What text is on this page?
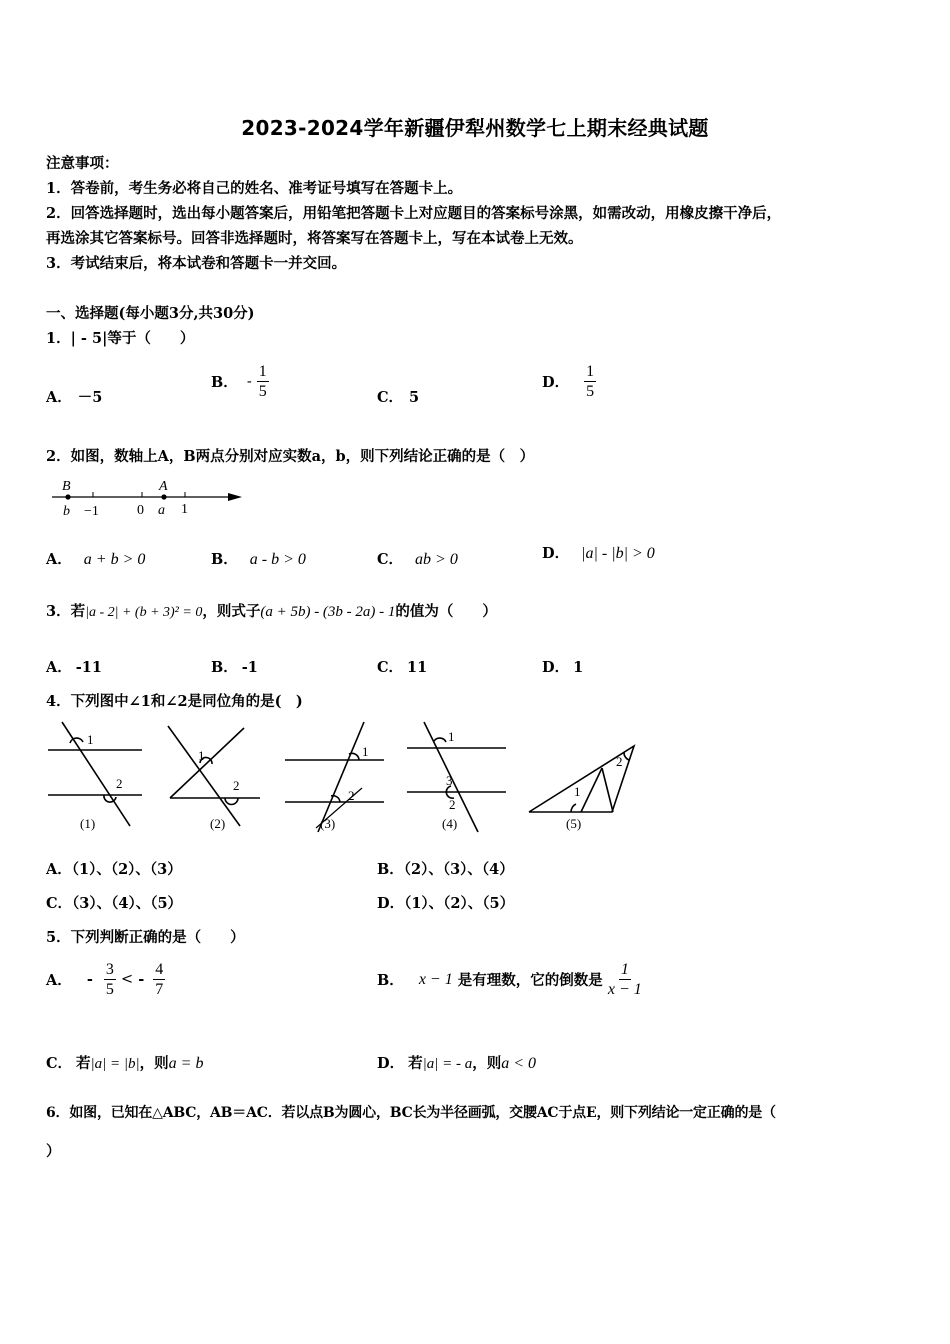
2023-2024学年新疆伊犁州数学七上期末经典试题
注意事项：
1．答卷前，考生务必将自己的姓名、准考证号填写在答题卡上。
2．回答选择题时，选出每小题答案后，用铅笔把答题卡上对应题目的答案标号涂黑，如需改动，用橡皮擦干净后，
再选涂其它答案标号。回答非选择题时，将答案写在答题卡上，写在本试卷上无效。
3．考试结束后，将本试卷和答题卡一并交回。
一、选择题(每小题3分,共30分)
1．| - 5|等于（　　）
A． －5
B． - $\frac{1}{5}$	C． 5
D． $\frac{1}{5}$
2．如图，数轴上A，B两点分别对应实数a，b，则下列结论正确的是（　）
B	A
b −1	0 a 1
A． a + b > 0	B． a - b > 0	C． ab > 0	D． |a| - |b| > 0
3．若|a - 2| + (b + 3)² = 0，则式子(a + 5b) - (3b - 2a) - 1的值为（　　）
A． -11	B． -1	C． 11	D． 1
4．下列图中∠1和∠2是同位角的是(　)
1
2
1
2
1
2
1
3
2
1
2
(1)	(2)	(3)	(4)	(5)
A．（1）、（2）、（3）	B．（2）、（3）、（4）
C．（3）、（4）、（5）	D．（1）、（2）、（5）
5．下列判断正确的是（　　）
A． - $\frac{3}{5}$ < - $\frac{4}{7}$	B． x − 1 是有理数，它的倒数是 $\frac{1}{x - 1}$
C． 若|a| = |b|，则a = b	D． 若|a| = - a，则a < 0
6．如图，已知在△ABC，AB＝AC．若以点B为圆心，BC长为半径画弧，交腰AC于点E，则下列结论一定正确的是（
）
